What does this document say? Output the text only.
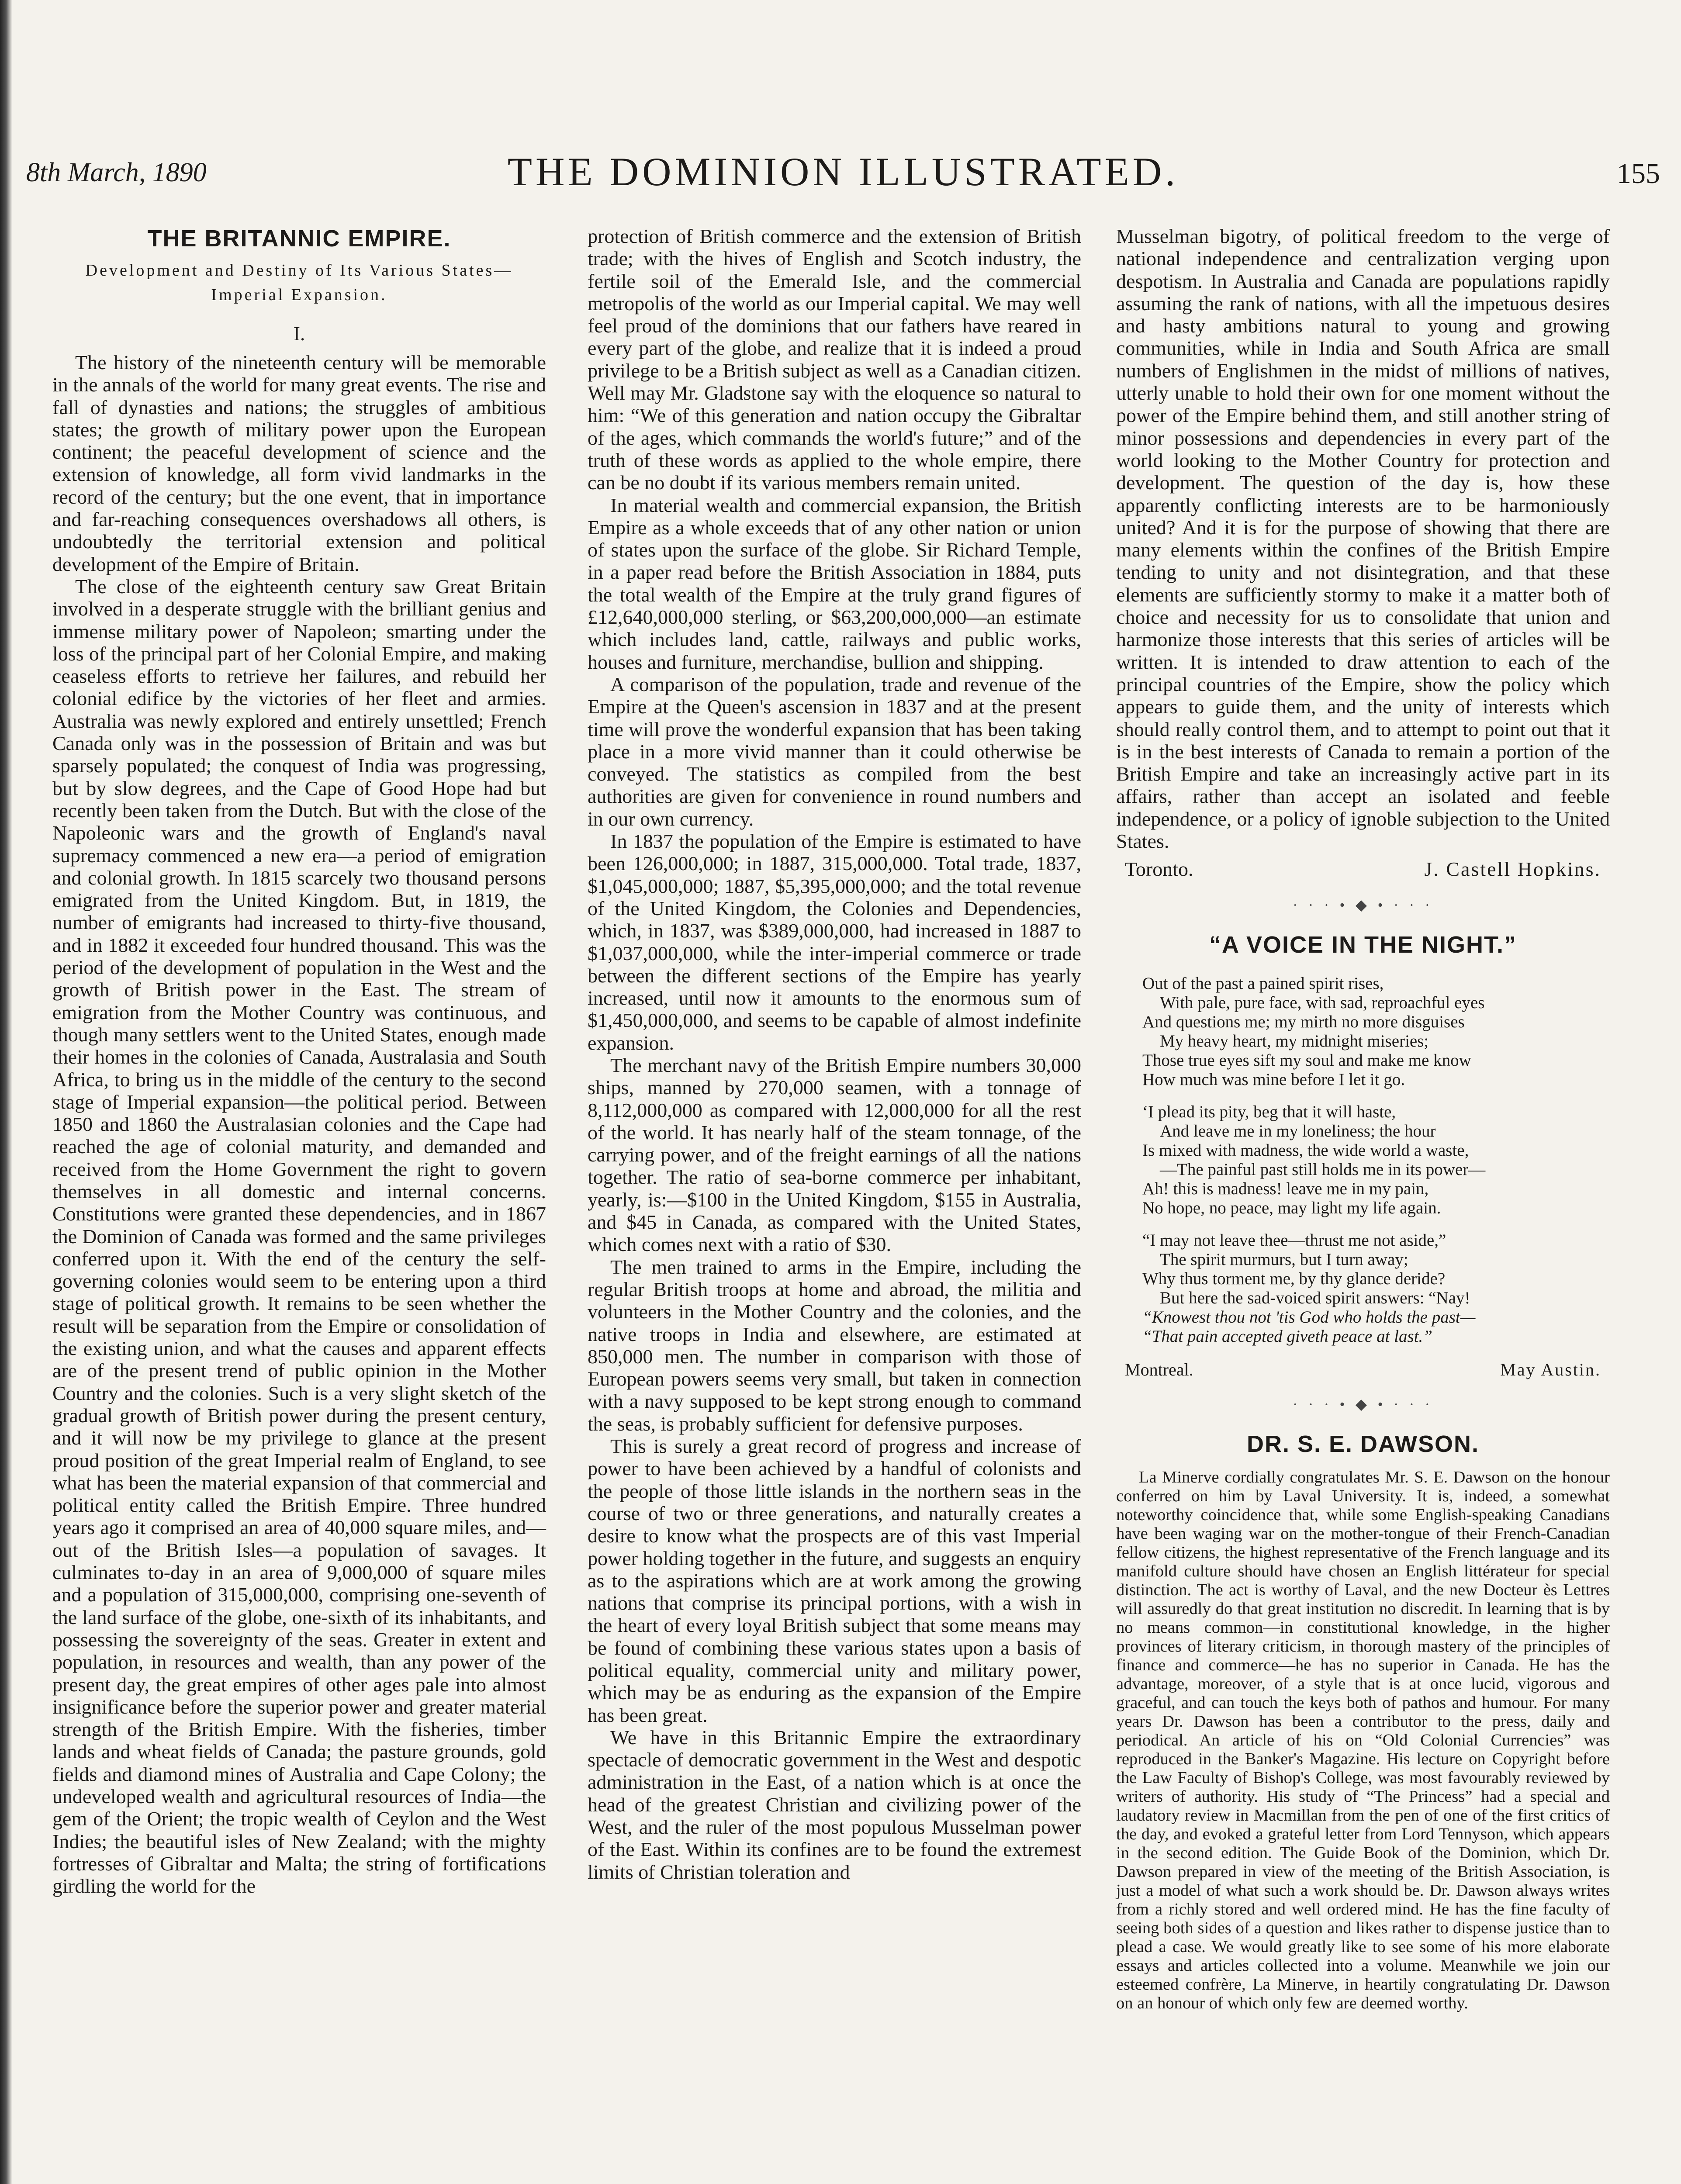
8th March, 1890	THE DOMINION ILLUSTRATED.	155
THE BRITANNIC EMPIRE.
Development and Destiny of Its Various States—Imperial Expansion.
I.

The history of the nineteenth century will be memorable in the annals of the world for many great events. The rise and fall of dynasties and nations; the struggles of ambitious states; the growth of military power upon the European continent; the peaceful development of science and the extension of knowledge, all form vivid landmarks in the record of the century; but the one event, that in importance and far-reaching consequences overshadows all others, is undoubtedly the territorial extension and political development of the Empire of Britain.

The close of the eighteenth century saw Great Britain involved in a desperate struggle with the brilliant genius and immense military power of Napoleon; smarting under the loss of the principal part of her Colonial Empire, and making ceaseless efforts to retrieve her failures, and rebuild her colonial edifice by the victories of her fleet and armies. Australia was newly explored and entirely unsettled; French Canada only was in the possession of Britain and was but sparsely populated; the conquest of India was progressing, but by slow degrees, and the Cape of Good Hope had but recently been taken from the Dutch. But with the close of the Napoleonic wars and the growth of England's naval supremacy commenced a new era—a period of emigration and colonial growth. In 1815 scarcely two thousand persons emigrated from the United Kingdom. But, in 1819, the number of emigrants had increased to thirty-five thousand, and in 1882 it exceeded four hundred thousand. This was the period of the development of population in the West and the growth of British power in the East. The stream of emigration from the Mother Country was continuous, and though many settlers went to the United States, enough made their homes in the colonies of Canada, Australasia and South Africa, to bring us in the middle of the century to the second stage of Imperial expansion—the political period. Between 1850 and 1860 the Australasian colonies and the Cape had reached the age of colonial maturity, and demanded and received from the Home Government the right to govern themselves in all domestic and internal concerns. Constitutions were granted these dependencies, and in 1867 the Dominion of Canada was formed and the same privileges conferred upon it. With the end of the century the self-governing colonies would seem to be entering upon a third stage of political growth. It remains to be seen whether the result will be separation from the Empire or consolidation of the existing union, and what the causes and apparent effects are of the present trend of public opinion in the Mother Country and the colonies. Such is a very slight sketch of the gradual growth of British power during the present century, and it will now be my privilege to glance at the present proud position of the great Imperial realm of England, to see what has been the material expansion of that commercial and political entity called the British Empire. Three hundred years ago it comprised an area of 40,000 square miles, and—out of the British Isles—a population of savages. It culminates to-day in an area of 9,000,000 of square miles and a population of 315,000,000, comprising one-seventh of the land surface of the globe, one-sixth of its inhabitants, and possessing the sovereignty of the seas. Greater in extent and population, in resources and wealth, than any power of the present day, the great empires of other ages pale into almost insignificance before the superior power and greater material strength of the British Empire. With the fisheries, timber lands and wheat fields of Canada; the pasture grounds, gold fields and diamond mines of Australia and Cape Colony; the undeveloped wealth and agricultural resources of India—the gem of the Orient; the tropic wealth of Ceylon and the West Indies; the beautiful isles of New Zealand; with the mighty fortresses of Gibraltar and Malta; the string of fortifications girdling the world for the

protection of British commerce and the extension of British trade; with the hives of English and Scotch industry, the fertile soil of the Emerald Isle, and the commercial metropolis of the world as our Imperial capital. We may well feel proud of the dominions that our fathers have reared in every part of the globe, and realize that it is indeed a proud privilege to be a British subject as well as a Canadian citizen. Well may Mr. Gladstone say with the eloquence so natural to him: “We of this generation and nation occupy the Gibraltar of the ages, which commands the world's future;” and of the truth of these words as applied to the whole empire, there can be no doubt if its various members remain united.

In material wealth and commercial expansion, the British Empire as a whole exceeds that of any other nation or union of states upon the surface of the globe. Sir Richard Temple, in a paper read before the British Association in 1884, puts the total wealth of the Empire at the truly grand figures of £12,640,000,000 sterling, or $63,200,000,000—an estimate which includes land, cattle, railways and public works, houses and furniture, merchandise, bullion and shipping.

A comparison of the population, trade and revenue of the Empire at the Queen's ascension in 1837 and at the present time will prove the wonderful expansion that has been taking place in a more vivid manner than it could otherwise be conveyed. The statistics as compiled from the best authorities are given for convenience in round numbers and in our own currency.

In 1837 the population of the Empire is estimated to have been 126,000,000; in 1887, 315,000,000. Total trade, 1837, $1,045,000,000; 1887, $5,395,000,000; and the total revenue of the United Kingdom, the Colonies and Dependencies, which, in 1837, was $389,000,000, had increased in 1887 to $1,037,000,000, while the inter-imperial commerce or trade between the different sections of the Empire has yearly increased, until now it amounts to the enormous sum of $1,450,000,000, and seems to be capable of almost indefinite expansion.

The merchant navy of the British Empire numbers 30,000 ships, manned by 270,000 seamen, with a tonnage of 8,112,000,000 as compared with 12,000,000 for all the rest of the world. It has nearly half of the steam tonnage, of the carrying power, and of the freight earnings of all the nations together. The ratio of sea-borne commerce per inhabitant, yearly, is:—$100 in the United Kingdom, $155 in Australia, and $45 in Canada, as compared with the United States, which comes next with a ratio of $30.

The men trained to arms in the Empire, including the regular British troops at home and abroad, the militia and volunteers in the Mother Country and the colonies, and the native troops in India and elsewhere, are estimated at 850,000 men. The number in comparison with those of European powers seems very small, but taken in connection with a navy supposed to be kept strong enough to command the seas, is probably sufficient for defensive purposes.

This is surely a great record of progress and increase of power to have been achieved by a handful of colonists and the people of those little islands in the northern seas in the course of two or three generations, and naturally creates a desire to know what the prospects are of this vast Imperial power holding together in the future, and suggests an enquiry as to the aspirations which are at work among the growing nations that comprise its principal portions, with a wish in the heart of every loyal British subject that some means may be found of combining these various states upon a basis of political equality, commercial unity and military power, which may be as enduring as the expansion of the Empire has been great.

We have in this Britannic Empire the extraordinary spectacle of democratic government in the West and despotic administration in the East, of a nation which is at once the head of the greatest Christian and civilizing power of the West, and the ruler of the most populous Musselman power of the East. Within its confines are to be found the extremest limits of Christian toleration and

Musselman bigotry, of political freedom to the verge of national independence and centralization verging upon despotism. In Australia and Canada are populations rapidly assuming the rank of nations, with all the impetuous desires and hasty ambitions natural to young and growing communities, while in India and South Africa are small numbers of Englishmen in the midst of millions of natives, utterly unable to hold their own for one moment without the power of the Empire behind them, and still another string of minor possessions and dependencies in every part of the world looking to the Mother Country for protection and development. The question of the day is, how these apparently conflicting interests are to be harmoniously united? And it is for the purpose of showing that there are many elements within the confines of the British Empire tending to unity and not disintegration, and that these elements are sufficiently stormy to make it a matter both of choice and necessity for us to consolidate that union and harmonize those interests that this series of articles will be written. It is intended to draw attention to each of the principal countries of the Empire, show the policy which appears to guide them, and the unity of interests which should really control them, and to attempt to point out that it is in the best interests of Canada to remain a portion of the British Empire and take an increasingly active part in its affairs, rather than accept an isolated and feeble independence, or a policy of ignoble subjection to the United States.

Toronto.	J. Castell Hopkins.
· · · • ◆ • · · ·
“A VOICE IN THE NIGHT.”
Out of the past a pained spirit rises,
With pale, pure face, with sad, reproachful eyes
And questions me; my mirth no more disguises
My heavy heart, my midnight miseries;
Those true eyes sift my soul and make me know
How much was mine before I let it go.
‘I plead its pity, beg that it will haste,
And leave me in my loneliness; the hour
Is mixed with madness, the wide world a waste,
—The painful past still holds me in its power—
Ah! this is madness! leave me in my pain,
No hope, no peace, may light my life again.
“I may not leave thee—thrust me not aside,”
The spirit murmurs, but I turn away;
Why thus torment me, by thy glance deride?
But here the sad-voiced spirit answers: “Nay!
“Knowest thou not 'tis God who holds the past—
“That pain accepted giveth peace at last.”
Montreal.	May Austin.
· · · • ◆ • · · ·
DR. S. E. DAWSON.

La Minerve cordially congratulates Mr. S. E. Dawson on the honour conferred on him by Laval University. It is, indeed, a somewhat noteworthy coincidence that, while some English-speaking Canadians have been waging war on the mother-tongue of their French-Canadian fellow citizens, the highest representative of the French language and its manifold culture should have chosen an English littérateur for special distinction. The act is worthy of Laval, and the new Docteur ès Lettres will assuredly do that great institution no discredit. In learning that is by no means common—in constitutional knowledge, in the higher provinces of literary criticism, in thorough mastery of the principles of finance and commerce—he has no superior in Canada. He has the advantage, moreover, of a style that is at once lucid, vigorous and graceful, and can touch the keys both of pathos and humour. For many years Dr. Dawson has been a contributor to the press, daily and periodical. An article of his on “Old Colonial Currencies” was reproduced in the Banker's Magazine. His lecture on Copyright before the Law Faculty of Bishop's College, was most favourably reviewed by writers of authority. His study of “The Princess” had a special and laudatory review in Macmillan from the pen of one of the first critics of the day, and evoked a grateful letter from Lord Tennyson, which appears in the second edition. The Guide Book of the Dominion, which Dr. Dawson prepared in view of the meeting of the British Association, is just a model of what such a work should be. Dr. Dawson always writes from a richly stored and well ordered mind. He has the fine faculty of seeing both sides of a question and likes rather to dispense justice than to plead a case. We would greatly like to see some of his more elaborate essays and articles collected into a volume. Meanwhile we join our esteemed confrère, La Minerve, in heartily congratulating Dr. Dawson on an honour of which only few are deemed worthy.
